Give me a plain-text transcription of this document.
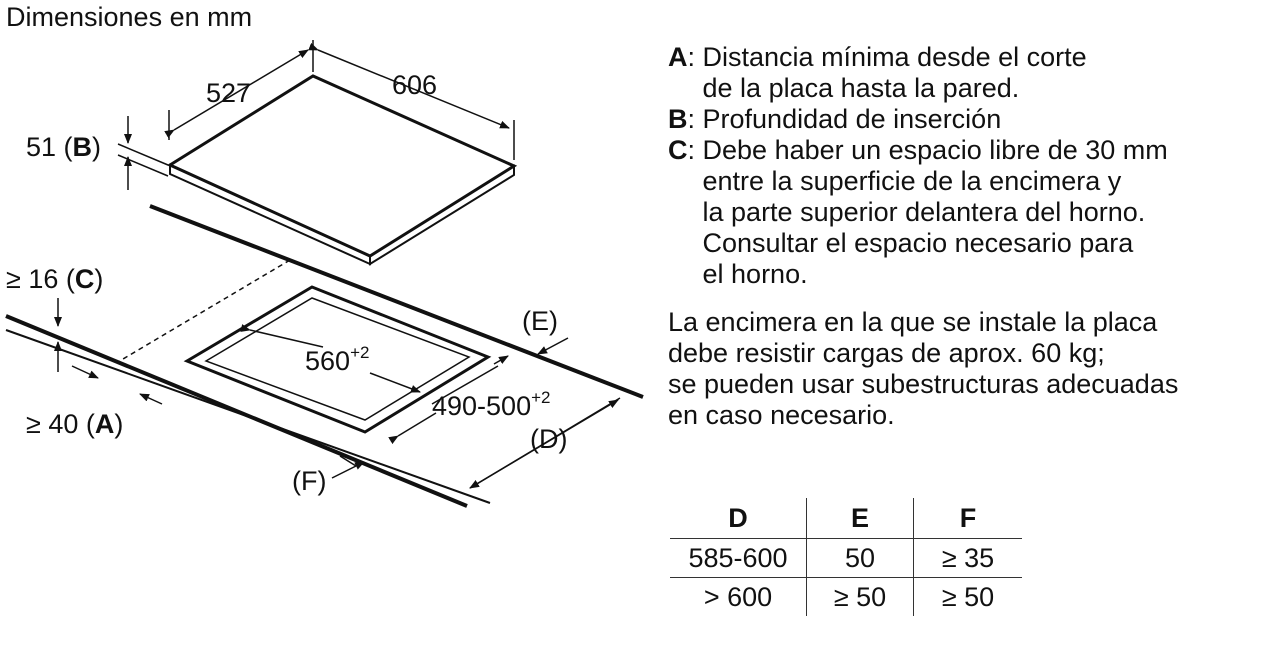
Dimensiones en mm
527	606
51 (B)
$560^{+2}$
$490-500^{+2}$
≥ 16 (C)
≥ 40 (A)
(E)
(D)
(F)
A : Distancia mínima desde el corte
de la placa hasta la pared.
B : Profundidad de inserción
C : Debe haber un espacio libre de 30 mm
entre la superficie de la encimera y
la parte superior delantera del horno.
Consultar el espacio necesario para
el horno.
La encimera en la que se instale la placa
debe resistir cargas de aprox. 60 kg;
se pueden usar subestructuras adecuadas
en caso necesario.
D	E	F
585-600	50	≥ 35
> 600	≥ 50	≥ 50
